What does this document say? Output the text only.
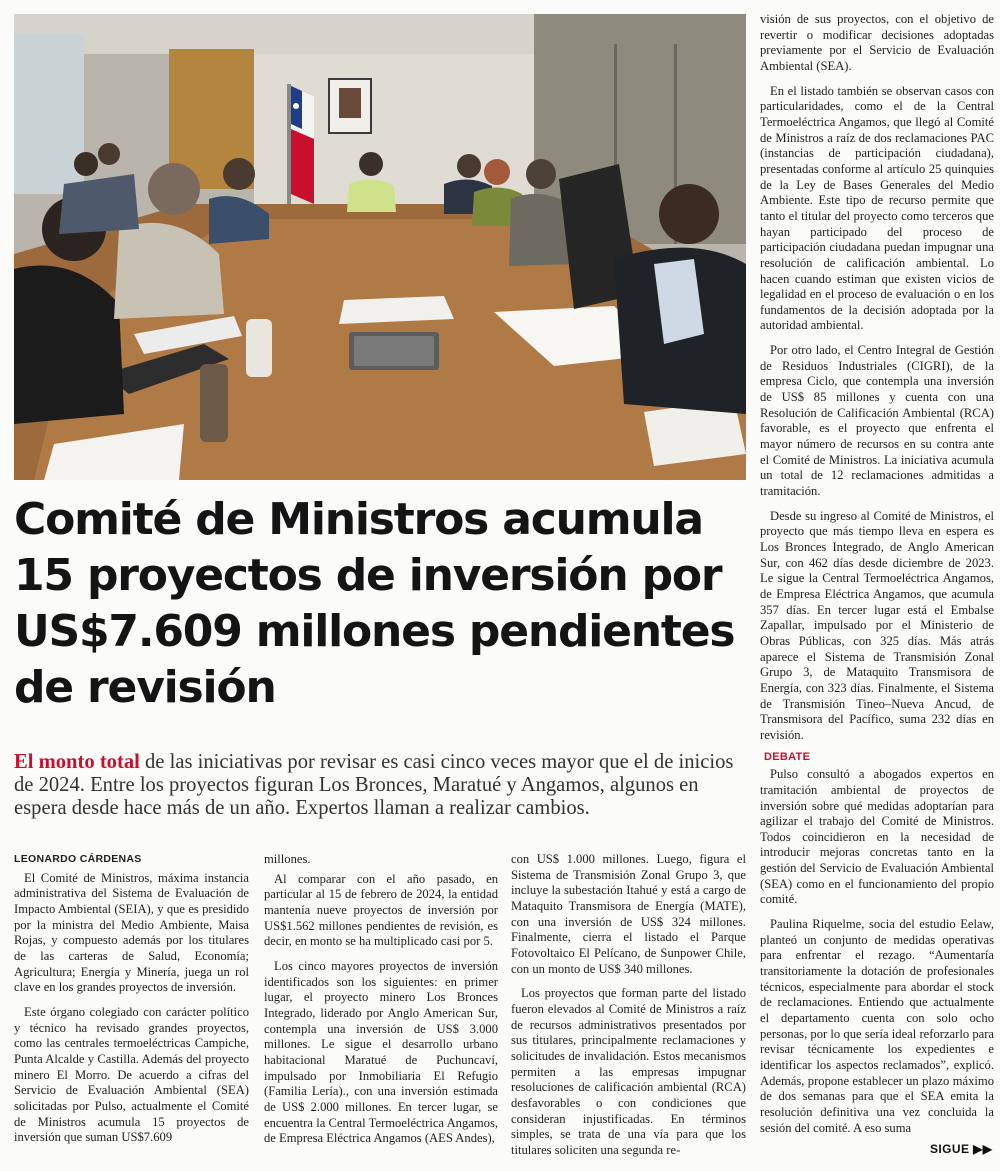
Comité de Ministros acumula 15 proyectos de inversión por US$7.609 millones pendientes de revisión
El monto total de las iniciativas por revisar es casi cinco veces mayor que el de inicios de 2024. Entre los proyectos figuran Los Bronces, Maratué y Angamos, algunos en espera desde hace más de un año. Expertos llaman a realizar cambios.
LEONARDO CÁRDENAS

El Comité de Ministros, máxima instancia administrativa del Sistema de Evaluación de Impacto Ambiental (SEIA), y que es presidido por la ministra del Medio Ambiente, Maisa Rojas, y compuesto además por los titulares de las carteras de Salud, Economía; Agricultura; Energía y Minería, juega un rol clave en los grandes proyectos de inversión.

Este órgano colegiado con carácter político y técnico ha revisado grandes proyectos, como las centrales termoeléctricas Campiche, Punta Alcalde y Castilla. Además del proyecto minero El Morro. De acuerdo a cifras del Servicio de Evaluación Ambiental (SEA) solicitadas por Pulso, actualmente el Comité de Ministros acumula 15 proyectos de inversión que suman US$7.609

millones.

Al comparar con el año pasado, en particular al 15 de febrero de 2024, la entidad mantenía nueve proyectos de inversión por US$1.562 millones pendientes de revisión, es decir, en monto se ha multiplicado casi por 5.

Los cinco mayores proyectos de inversión identificados son los siguientes: en primer lugar, el proyecto minero Los Bronces Integrado, liderado por Anglo American Sur, contempla una inversión de US$ 3.000 millones. Le sigue el desarrollo urbano habitacional Maratué de Puchuncaví, impulsado por Inmobiliaria El Refugio (Familia Lería)., con una inversión estimada de US$ 2.000 millones. En tercer lugar, se encuentra la Central Termoeléctrica Angamos, de Empresa Eléctrica Angamos (AES Andes),

con US$ 1.000 millones. Luego, figura el Sistema de Transmisión Zonal Grupo 3, que incluye la subestación Itahué y está a cargo de Mataquito Transmisora de Energía (MATE), con una inversión de US$ 324 millones. Finalmente, cierra el listado el Parque Fotovoltaico El Pelícano, de Sunpower Chile, con un monto de US$ 340 millones.

Los proyectos que forman parte del listado fueron elevados al Comité de Ministros a raíz de recursos administrativos presentados por sus titulares, principalmente reclamaciones y solicitudes de invalidación. Estos mecanismos permiten a las empresas impugnar resoluciones de calificación ambiental (RCA) desfavorables o con condiciones que consideran injustificadas. En términos simples, se trata de una vía para que los titulares soliciten una segunda re-

visión de sus proyectos, con el objetivo de revertir o modificar decisiones adoptadas previamente por el Servicio de Evaluación Ambiental (SEA).

En el listado también se observan casos con particularidades, como el de la Central Termoeléctrica Angamos, que llegó al Comité de Ministros a raíz de dos reclamaciones PAC (instancias de participación ciudadana), presentadas conforme al artículo 25 quinquies de la Ley de Bases Generales del Medio Ambiente. Este tipo de recurso permite que tanto el titular del proyecto como terceros que hayan participado del proceso de participación ciudadana puedan impugnar una resolución de calificación ambiental. Lo hacen cuando estiman que existen vicios de legalidad en el proceso de evaluación o en los fundamentos de la decisión adoptada por la autoridad ambiental.

Por otro lado, el Centro Integral de Gestión de Residuos Industriales (CIGRI), de la empresa Ciclo, que contempla una inversión de US$ 85 millones y cuenta con una Resolución de Calificación Ambiental (RCA) favorable, es el proyecto que enfrenta el mayor número de recursos en su contra ante el Comité de Ministros. La iniciativa acumula un total de 12 reclamaciones admitidas a tramitación.

Desde su ingreso al Comité de Ministros, el proyecto que más tiempo lleva en espera es Los Bronces Integrado, de Anglo American Sur, con 462 días desde diciembre de 2023. Le sigue la Central Termoeléctrica Angamos, de Empresa Eléctrica Angamos, que acumula 357 días. En tercer lugar está el Embalse Zapallar, impulsado por el Ministerio de Obras Públicas, con 325 días. Más atrás aparece el Sistema de Transmisión Zonal Grupo 3, de Mataquito Transmisora de Energía, con 323 días. Finalmente, el Sistema de Transmisión Tineo–Nueva Ancud, de Transmisora del Pacífico, suma 232 días en revisión.

DEBATE

Pulso consultó a abogados expertos en tramitación ambiental de proyectos de inversión sobre qué medidas adoptarían para agilizar el trabajo del Comité de Ministros. Todos coincidieron en la necesidad de introducir mejoras concretas tanto en la gestión del Servicio de Evaluación Ambiental (SEA) como en el funcionamiento del propio comité.

Paulina Riquelme, socia del estudio Eelaw, planteó un conjunto de medidas operativas para enfrentar el rezago. “Aumentaría transitoriamente la dotación de profesionales técnicos, especialmente para abordar el stock de reclamaciones. Entiendo que actualmente el departamento cuenta con solo ocho personas, por lo que sería ideal reforzarlo para revisar técnicamente los expedientes e identificar los aspectos reclamados”, explicó. Además, propone establecer un plazo máximo de dos semanas para que el SEA emita la resolución definitiva una vez concluida la sesión del comité. A eso suma

SIGUE ▶▶
